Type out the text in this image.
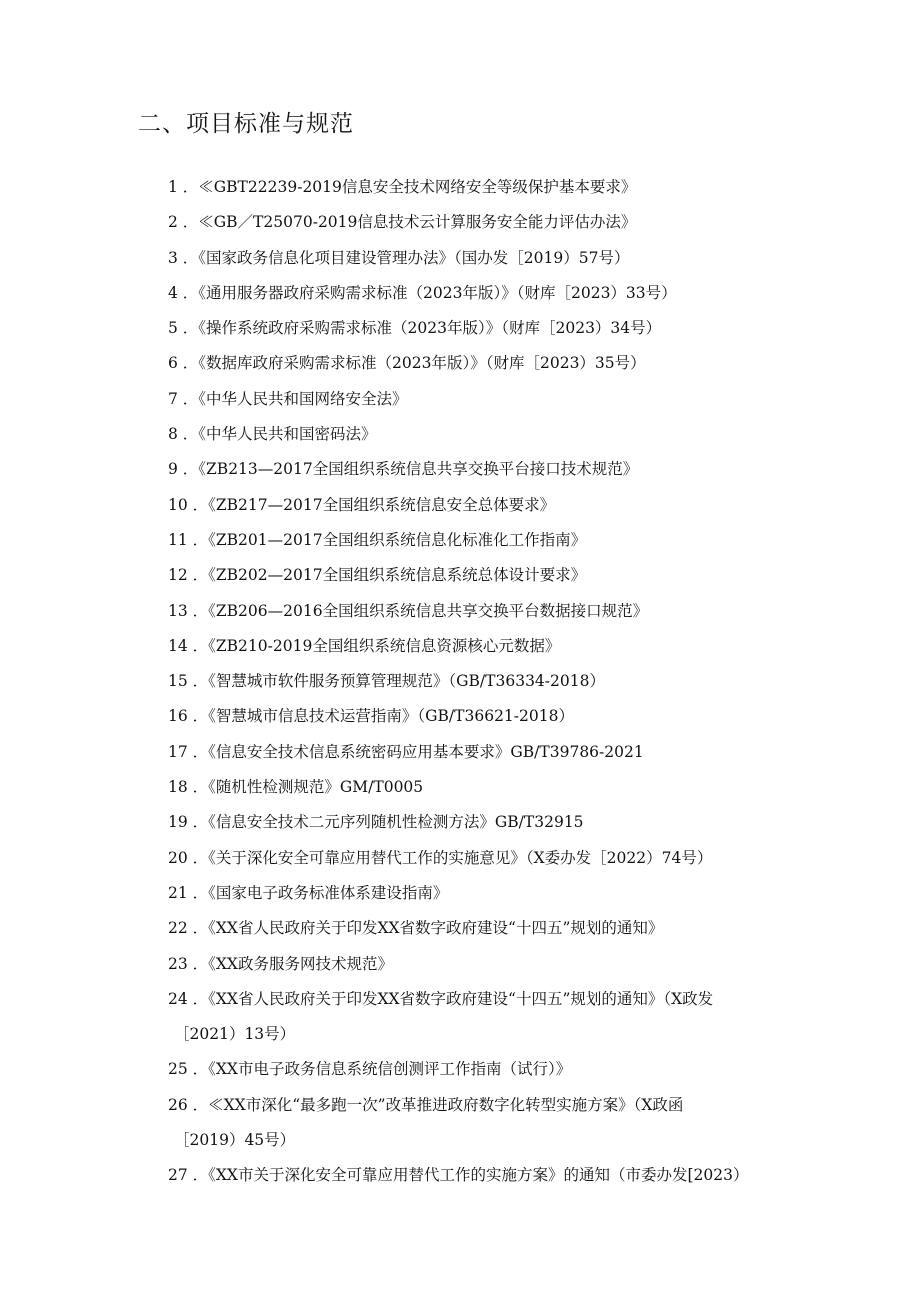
二、项目标准与规范
1 ．≪GBT22239-2019信息安全技术网络安全等级保护基本要求》
2 ．≪GB／T25070-2019信息技术云计算服务安全能力评估办法》
3 ．《国家政务信息化项目建设管理办法》（国办发［2019）57号）
4 ．《通用服务器政府采购需求标准（2023年版）》（财库［2023）33号）
5 ．《操作系统政府采购需求标准（2023年版）》（财库［2023）34号）
6 ．《数据库政府采购需求标准（2023年版）》（财库［2023）35号）
7 ．《中华人民共和国网络安全法》
8 ．《中华人民共和国密码法》
9 ．《ZB213—2017全国组织系统信息共享交换平台接口技术规范》
10 ．《ZB217—2017全国组织系统信息安全总体要求》
11 ．《ZB201—2017全国组织系统信息化标准化工作指南》
12 ．《ZB202—2017全国组织系统信息系统总体设计要求》
13 ．《ZB206—2016全国组织系统信息共享交换平台数据接口规范》
14 ．《ZB210-2019全国组织系统信息资源核心元数据》
15 ．《智慧城市软件服务预算管理规范》（GB/T36334-2018）
16 ．《智慧城市信息技术运营指南》（GB/T36621-2018）
17 ．《信息安全技术信息系统密码应用基本要求》GB/T39786-2021
18 ．《随机性检测规范》GM/T0005
19 ．《信息安全技术二元序列随机性检测方法》GB/T32915
20 ．《关于深化安全可靠应用替代工作的实施意见》（X委办发［2022）74号）
21 ．《国家电子政务标准体系建设指南》
22 ．《XX省人民政府关于印发XX省数字政府建设“十四五”规划的通知》
23 ．《XX政务服务网技术规范》
24 ．《XX省人民政府关于印发XX省数字政府建设“十四五”规划的通知》（X政发
［2021）13号）
25 ．《XX市电子政务信息系统信创测评工作指南（试行）》
26 ．≪XX市深化“最多跑一次”改革推进政府数字化转型实施方案》（X政函
［2019）45号）
27 ．《XX市关于深化安全可靠应用替代工作的实施方案》的通知（市委办发[2023）
